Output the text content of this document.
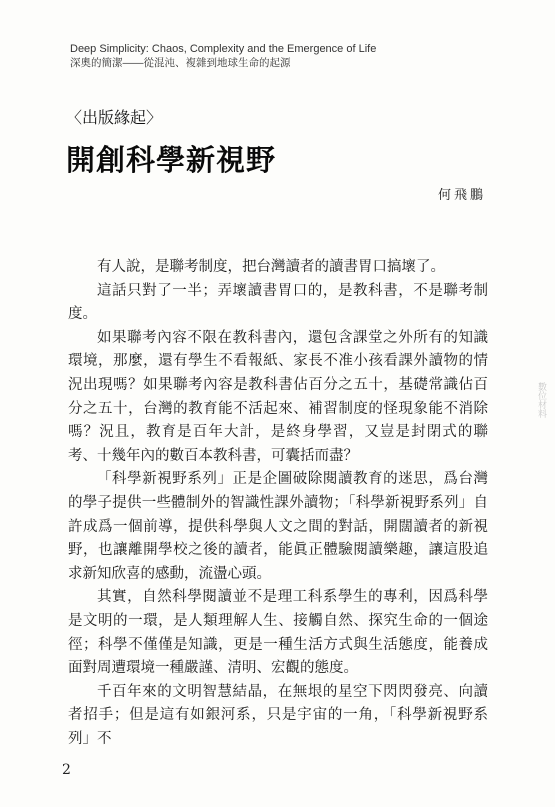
Deep Simplicity: Chaos, Complexity and the Emergence of Life
深奧的簡潔——從混沌、複雜到地球生命的起源
〈出版緣起〉
開創科學新視野
何飛鵬

有人說，是聯考制度，把台灣讀者的讀書胃口搞壞了。

這話只對了一半；弄壞讀書胃口的，是教科書，不是聯考制度。

如果聯考內容不限在教科書內，還包含課堂之外所有的知識環境，那麼，還有學生不看報紙、家長不准小孩看課外讀物的情況出現嗎？如果聯考內容是教科書佔百分之五十，基礎常識佔百分之五十，台灣的教育能不活起來、補習制度的怪現象能不消除嗎？況且，教育是百年大計，是終身學習，又豈是封閉式的聯考、十幾年內的數百本教科書，可囊括而盡？

「科學新視野系列」正是企圖破除閱讀教育的迷思，爲台灣的學子提供一些體制外的智識性課外讀物；「科學新視野系列」自許成爲一個前導，提供科學與人文之間的對話，開闊讀者的新視野，也讓離開學校之後的讀者，能眞正體驗閱讀樂趣，讓這股追求新知欣喜的感動，流盪心頭。

其實，自然科學閱讀並不是理工科系學生的專利，因爲科學是文明的一環，是人類理解人生、接觸自然、探究生命的一個途徑；科學不僅僅是知識，更是一種生活方式與生活態度，能養成面對周遭環境一種嚴謹、清明、宏觀的態度。

千百年來的文明智慧結晶，在無垠的星空下閃閃發亮、向讀者招手；但是這有如銀河系，只是宇宙的一角，「科學新視野系列」不

數位材料
2
